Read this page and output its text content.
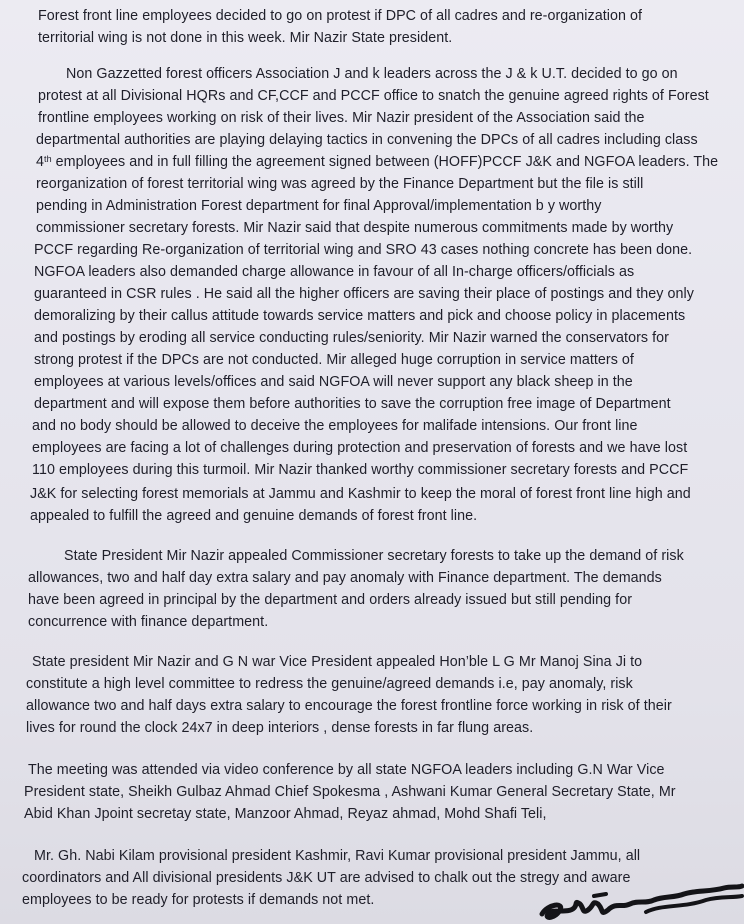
Forest front line employees decided to go on protest if DPC of all cadres and re-organization of
territorial wing is not done in this week. Mir Nazir State president.
Non Gazzetted forest officers Association J and k leaders across the J & k U.T. decided to go on
protest at all Divisional HQRs and CF,CCF and PCCF office to snatch the genuine agreed rights of Forest
frontline employees working on risk of their lives. Mir Nazir president of the Association said the
departmental authorities are playing delaying tactics in convening the DPCs of all cadres including class
4th employees and in full filling the agreement signed between (HOFF)PCCF J&K and NGFOA leaders. The
reorganization of forest territorial wing was agreed by the Finance Department but the file is still
pending in Administration Forest department for final Approval/implementation b y worthy
commissioner secretary forests. Mir Nazir said that despite numerous commitments made by worthy
PCCF regarding Re-organization of territorial wing and SRO 43 cases nothing concrete has been done.
NGFOA leaders also demanded charge allowance in favour of all In-charge officers/officials as
guaranteed in CSR rules . He said all the higher officers are saving their place of postings and they only
demoralizing by their callus attitude towards service matters and pick and choose policy in placements
and postings by eroding all service conducting rules/seniority. Mir Nazir warned the conservators for
strong protest if the DPCs are not conducted. Mir alleged huge corruption in service matters of
employees at various levels/offices and said NGFOA will never support any black sheep in the
department and will expose them before authorities to save the corruption free image of Department
and no body should be allowed to deceive the employees for malifade intensions. Our front line
employees are facing a lot of challenges during protection and preservation of forests and we have lost
110 employees during this turmoil. Mir Nazir thanked worthy commissioner secretary forests and PCCF
J&K for selecting forest memorials at Jammu and Kashmir to keep the moral of forest front line high and
appealed to fulfill the agreed and genuine demands of forest front line.
State President Mir Nazir appealed Commissioner secretary forests to take up the demand of risk
allowances, two and half day extra salary and pay anomaly with Finance department. The demands
have been agreed in principal by the department and orders already issued but still pending for
concurrence with finance department.
State president Mir Nazir and G N war Vice President appealed Hon’ble L G Mr Manoj Sina Ji to
constitute a high level committee to redress the genuine/agreed demands i.e, pay anomaly, risk
allowance two and half days extra salary to encourage the forest frontline force working in risk of their
lives for round the clock 24x7 in deep interiors , dense forests in far flung areas.
The meeting was attended via video conference by all state NGFOA leaders including G.N War Vice
President state, Sheikh Gulbaz Ahmad Chief Spokesma , Ashwani Kumar General Secretary State, Mr
Abid Khan Jpoint secretay state, Manzoor Ahmad, Reyaz ahmad, Mohd Shafi Teli,
Mr. Gh. Nabi Kilam provisional president Kashmir, Ravi Kumar provisional president Jammu, all
coordinators and All divisional presidents J&K UT are advised to chalk out the stregy and aware
employees to be ready for protests if demands not met.
